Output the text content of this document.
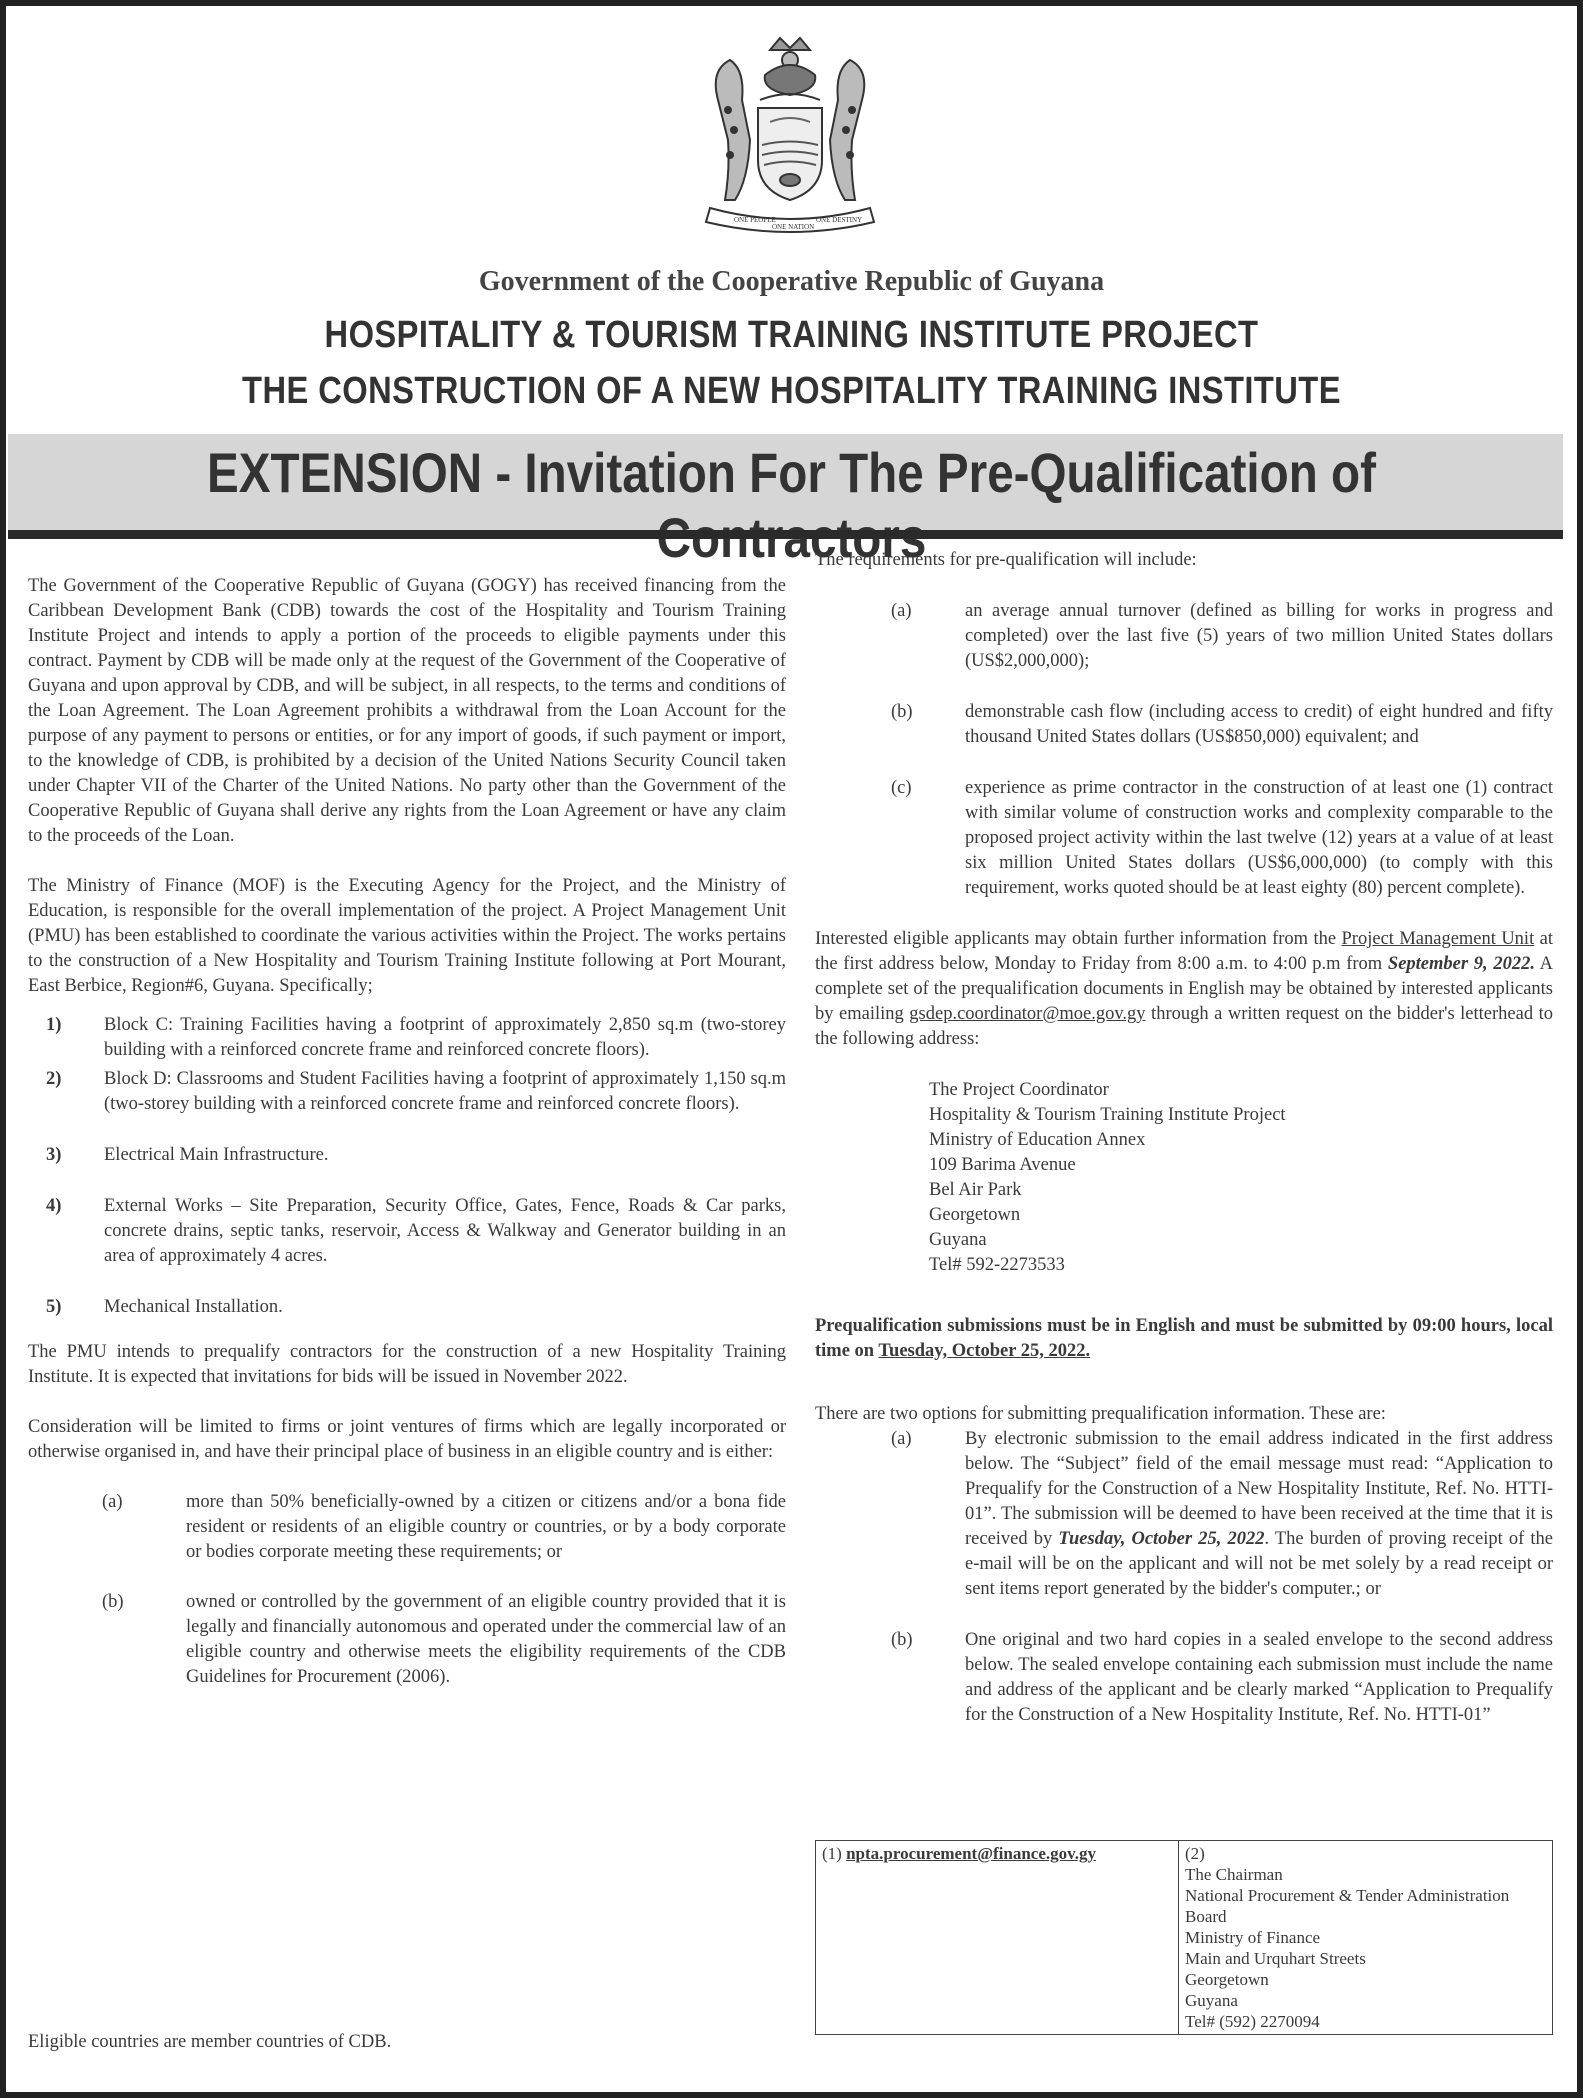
ONE PEOPLE
ONE NATION
ONE DESTINY
Government of the Cooperative Republic of Guyana
HOSPITALITY & TOURISM TRAINING INSTITUTE PROJECT
THE CONSTRUCTION OF A NEW HOSPITALITY TRAINING INSTITUTE
EXTENSION - Invitation For The Pre-Qualification of

The Government of the Cooperative Republic of Guyana (GOGY) has received financing from the Caribbean Development Bank (CDB) towards the cost of the Hospitality and Tourism Training Institute Project and intends to apply a portion of the proceeds to eligible payments under this contract. Payment by CDB will be made only at the request of the Government of the Cooperative of Guyana and upon approval by CDB, and will be subject, in all respects, to the terms and conditions of the Loan Agreement. The Loan Agreement prohibits a withdrawal from the Loan Account for the purpose of any payment to persons or entities, or for any import of goods, if such payment or import, to the knowledge of CDB, is prohibited by a decision of the United Nations Security Council taken under Chapter VII of the Charter of the United Nations. No party other than the Government of the Cooperative Republic of Guyana shall derive any rights from the Loan Agreement or have any claim to the proceeds of the Loan.

The Ministry of Finance (MOF) is the Executing Agency for the Project, and the Ministry of Education, is responsible for the overall implementation of the project. A Project Management Unit (PMU) has been established to coordinate the various activities within the Project. The works pertains to the construction of a New Hospitality and Tourism Training Institute following at Port Mourant, East Berbice, Region#6, Guyana. Specifically;

1)	Block C: Training Facilities having a footprint of approximately 2,850 sq.m (two-storey building with a reinforced concrete frame and reinforced concrete floors).
2)	Block D: Classrooms and Student Facilities having a footprint of approximately 1,150 sq.m (two-storey building with a reinforced concrete frame and reinforced concrete floors).
3)	Electrical Main Infrastructure.
4)	External Works – Site Preparation, Security Office, Gates, Fence, Roads & Car parks, concrete drains, septic tanks, reservoir, Access & Walkway and Generator building in an area of approximately 4 acres.
5)	Mechanical Installation.

The PMU intends to prequalify contractors for the construction of a new Hospitality Training Institute. It is expected that invitations for bids will be issued in November 2022.

Consideration will be limited to firms or joint ventures of firms which are legally incorporated or otherwise organised in, and have their principal place of business in an eligible country and is either:

(a)	more than 50% beneficially-owned by a citizen or citizens and/or a bona fide resident or residents of an eligible country or countries, or by a body corporate or bodies corporate meeting these requirements; or
(b)	owned or controlled by the government of an eligible country provided that it is legally and financially autonomous and operated under the commercial law of an eligible country and otherwise meets the eligibility requirements of the CDB Guidelines for Procurement (2006).
Eligible countries are member countries of CDB.

The requirements for pre-qualification will include:

(a)	an average annual turnover (defined as billing for works in progress and completed) over the last five (5) years of two million United States dollars (US$2,000,000);
(b)	demonstrable cash flow (including access to credit) of eight hundred and fifty thousand United States dollars (US$850,000) equivalent; and
(c)	experience as prime contractor in the construction of at least one (1) contract with similar volume of construction works and complexity comparable to the proposed project activity within the last twelve (12) years at a value of at least six million United States dollars (US$6,000,000) (to comply with this requirement, works quoted should be at least eighty (80) percent complete).

Interested eligible applicants may obtain further information from the Project Management Unit at the first address below, Monday to Friday from 8:00 a.m. to 4:00 p.m from September 9, 2022. A complete set of the prequalification documents in English may be obtained by interested applicants by emailing gsdep.coordinator@moe.gov.gy through a written request on the bidder's letterhead to the following address:

The Project Coordinator
Hospitality & Tourism Training Institute Project
Ministry of Education Annex
109 Barima Avenue
Bel Air Park
Georgetown
Guyana
Tel# 592-2273533

Prequalification submissions must be in English and must be submitted by 09:00 hours, local time on Tuesday, October 25, 2022.

There are two options for submitting prequalification information. These are:

(a)	By electronic submission to the email address indicated in the first address below. The “Subject” field of the email message must read: “Application to Prequalify for the Construction of a New Hospitality Institute, Ref. No. HTTI-01”. The submission will be deemed to have been received at the time that it is received by Tuesday, October 25, 2022. The burden of proving receipt of the e-mail will be on the applicant and will not be met solely by a read receipt or sent items report generated by the bidder's computer.; or
(b)	One original and two hard copies in a sealed envelope to the second address below. The sealed envelope containing each submission must include the name and address of the applicant and be clearly marked “Application to Prequalify for the Construction of a New Hospitality Institute, Ref. No. HTTI-01”
(1) npta.procurement@finance.gov.gy	(2)
The Chairman
National Procurement & Tender Administration Board
Ministry of Finance
Main and Urquhart Streets
Georgetown
Guyana
Tel# (592) 2270094
